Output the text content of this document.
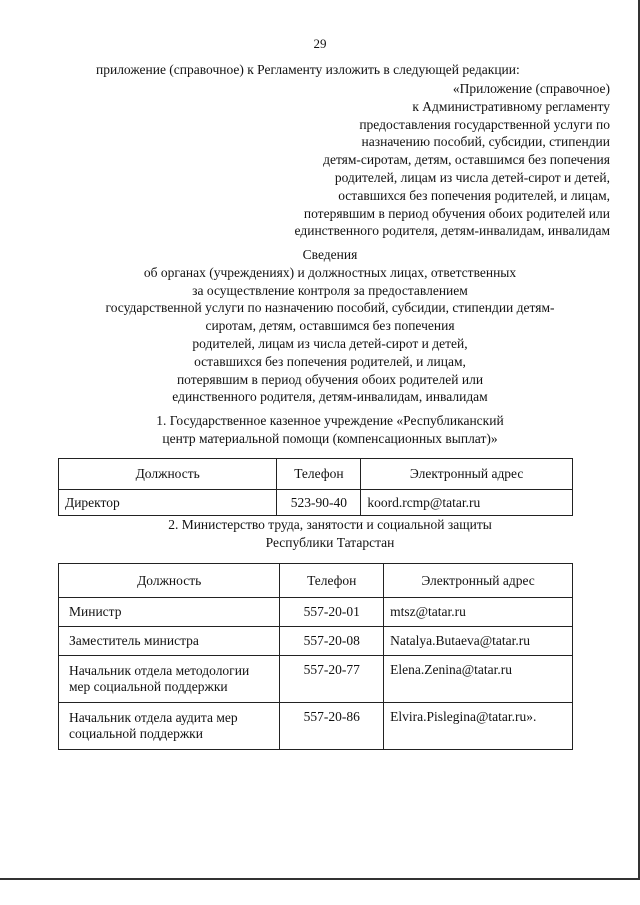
29
приложение (справочное) к Регламенту изложить в следующей редакции:
«Приложение (справочное)
к Административному регламенту
предоставления государственной услуги по
назначению пособий, субсидии, стипендии
детям-сиротам, детям, оставшимся без попечения
родителей, лицам из числа детей-сирот и детей,
оставшихся без попечения родителей, и лицам,
потерявшим в период обучения обоих родителей или
единственного родителя, детям-инвалидам, инвалидам
Сведения
об органах (учреждениях) и должностных лицах, ответственных
за осуществление контроля за предоставлением
государственной услуги по назначению пособий, субсидии, стипендии детям-
сиротам, детям, оставшимся без попечения
родителей, лицам из числа детей-сирот и детей,
оставшихся без попечения родителей, и лицам,
потерявшим в период обучения обоих родителей или
единственного родителя, детям-инвалидам, инвалидам
1. Государственное казенное учреждение «Республиканский
центр материальной помощи (компенсационных выплат)»
Должность	Телефон	Электронный адрес
Директор	523-90-40	koord.rcmp@tatar.ru
2. Министерство труда, занятости и социальной защиты
Республики Татарстан
Должность	Телефон	Электронный адрес
Министр	557-20-01	mtsz@tatar.ru
Заместитель министра	557-20-08	Natalya.Butaeva@tatar.ru

Начальник отдела методологии
мер социальной поддержки	557-20-77	Elena.Zenina@tatar.ru

Начальник отдела аудита мер
социальной поддержки	557-20-86	Elvira.Pislegina@tatar.ru».
